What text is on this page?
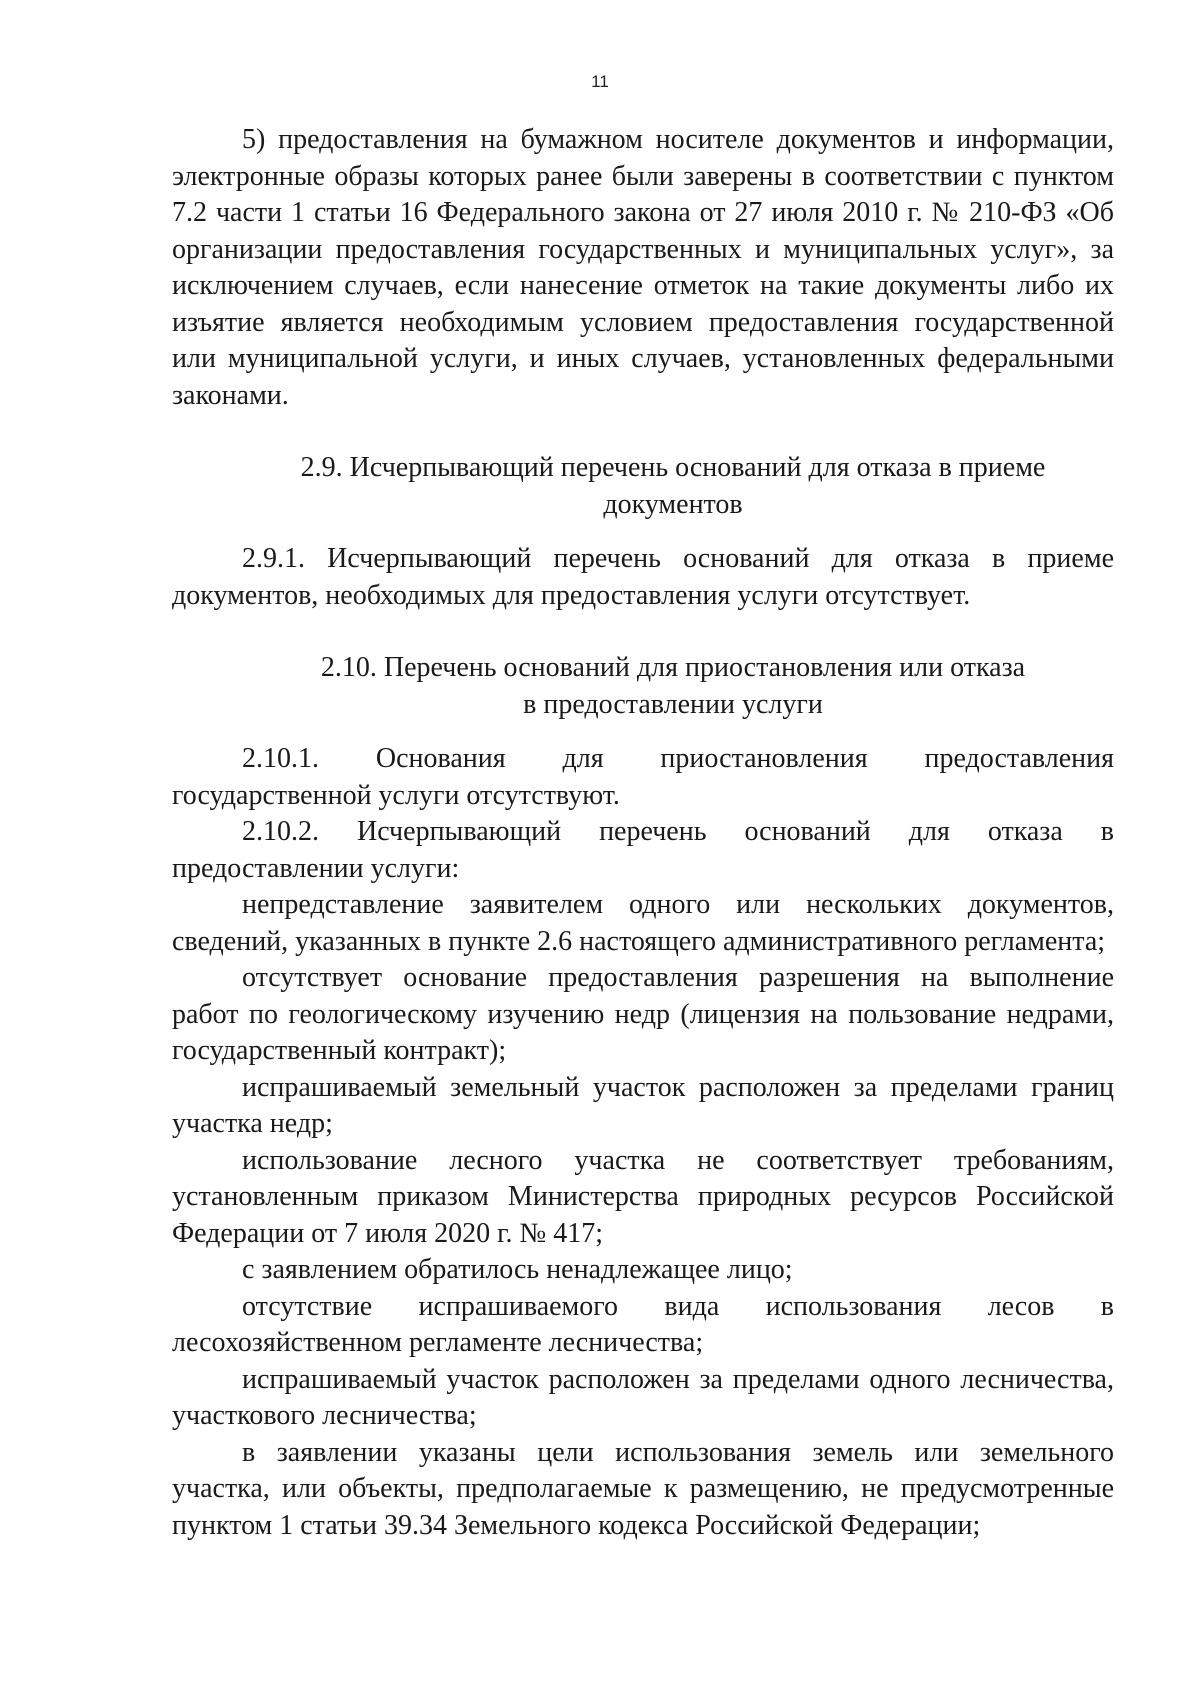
11

5) предоставления на бумажном носителе документов и информации, электронные образы которых ранее были заверены в соответствии с пунктом 7.2 части 1 статьи 16 Федерального закона от 27 июля 2010 г. № 210-ФЗ «Об организации предоставления государственных и муниципальных услуг», за исключением случаев, если нанесение отметок на такие документы либо их изъятие является необходимым условием предоставления государственной или муниципальной услуги, и иных случаев, установленных федеральными законами.

2.9. Исчерпывающий перечень оснований для отказа в приеме
документов

2.9.1. Исчерпывающий перечень оснований для отказа в приеме документов, необходимых для предоставления услуги отсутствует.

2.10. Перечень оснований для приостановления или отказа
в предоставлении услуги

2.10.1. Основания для приостановления предоставления государственной услуги отсутствуют.

2.10.2. Исчерпывающий перечень оснований для отказа в предоставлении услуги:

непредставление заявителем одного или нескольких документов, сведений, указанных в пункте 2.6 настоящего административного регламента;

отсутствует основание предоставления разрешения на выполнение работ по геологическому изучению недр (лицензия на пользование недрами, государственный контракт);

испрашиваемый земельный участок расположен за пределами границ участка недр;

использование лесного участка не соответствует требованиям, установленным приказом Министерства природных ресурсов Российской Федерации от 7 июля 2020 г. № 417;

с заявлением обратилось ненадлежащее лицо;

отсутствие испрашиваемого вида использования лесов в лесохозяйственном регламенте лесничества;

испрашиваемый участок расположен за пределами одного лесничества, участкового лесничества;

в заявлении указаны цели использования земель или земельного участка, или объекты, предполагаемые к размещению, не предусмотренные пунктом 1 статьи 39.34 Земельного кодекса Российской Федерации;
